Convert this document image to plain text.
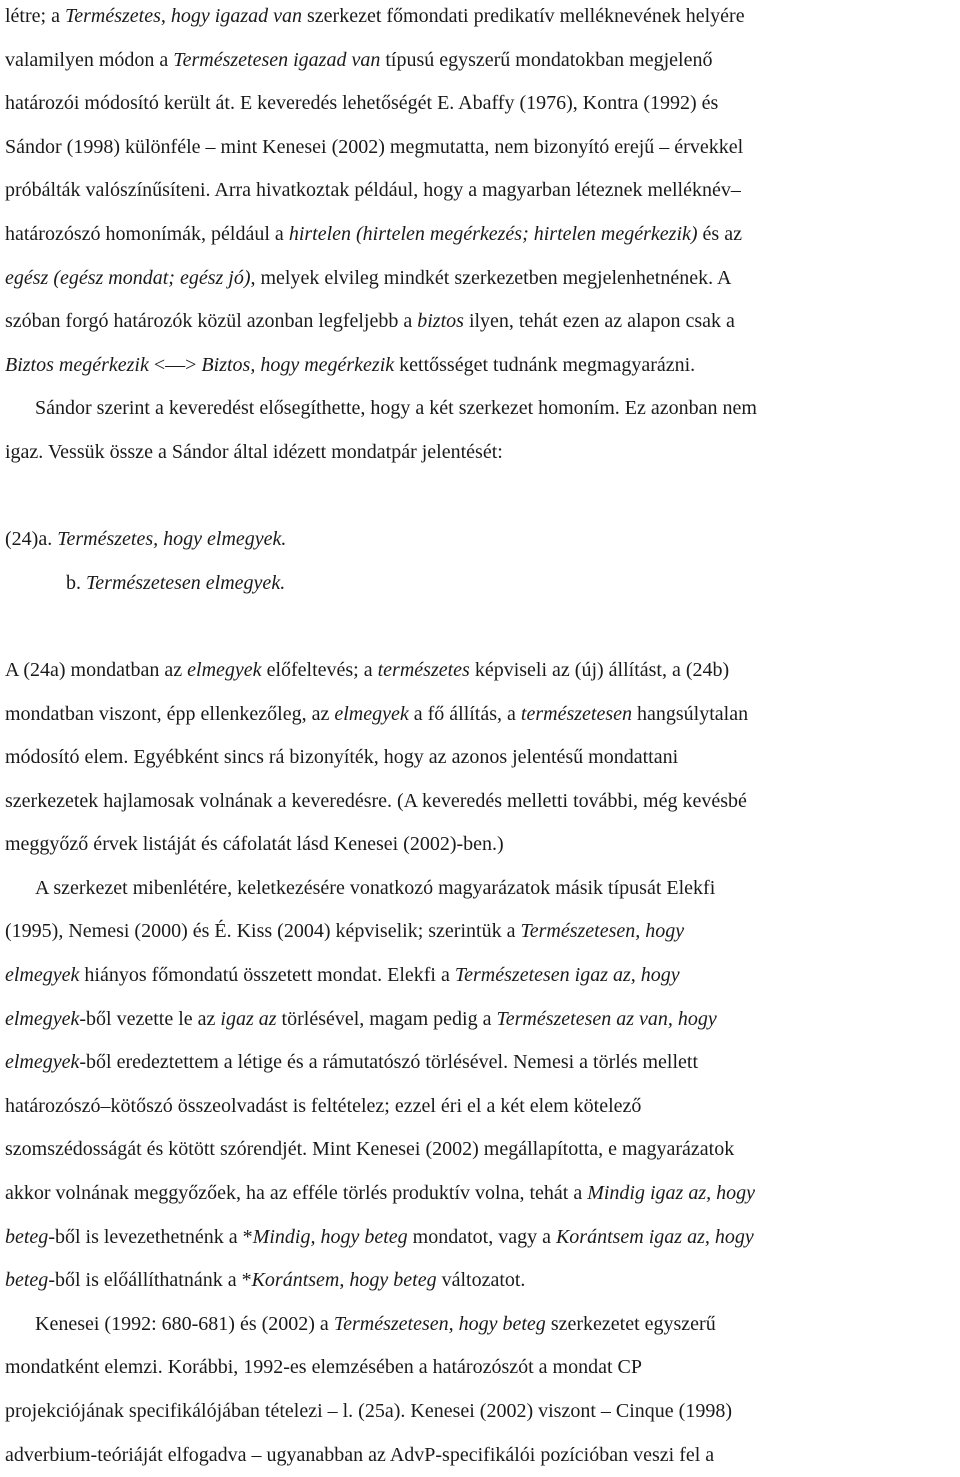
létre; a Természetes, hogy igazad van szerkezet főmondati predikatív melléknevének helyére
valamilyen módon a Természetesen igazad van típusú egyszerű mondatokban megjelenő
határozói módosító került át. E keveredés lehetőségét E. Abaffy (1976), Kontra (1992) és
Sándor (1998) különféle – mint Kenesei (2002) megmutatta, nem bizonyító erejű – érvekkel
próbálták valószínűsíteni. Arra hivatkoztak például, hogy a magyarban léteznek melléknév–
határozószó homonímák, például a hirtelen (hirtelen megérkezés; hirtelen megérkezik) és az
egész (egész mondat; egész jó), melyek elvileg mindkét szerkezetben megjelenhetnének. A
szóban forgó határozók közül azonban legfeljebb a biztos ilyen, tehát ezen az alapon csak a
Biztos megérkezik <—> Biztos, hogy megérkezik kettősséget tudnánk megmagyarázni.
Sándor szerint a keveredést elősegíthette, hogy a két szerkezet homoním. Ez azonban nem
igaz. Vessük össze a Sándor által idézett mondatpár jelentését:
(24)a. Természetes, hogy elmegyek.
b. Természetesen elmegyek.
A (24a) mondatban az elmegyek előfeltevés; a természetes képviseli az (új) állítást, a (24b)
mondatban viszont, épp ellenkezőleg, az elmegyek a fő állítás, a természetesen hangsúlytalan
módosító elem. Egyébként sincs rá bizonyíték, hogy az azonos jelentésű mondattani
szerkezetek hajlamosak volnának a keveredésre. (A keveredés melletti további, még kevésbé
meggyőző érvek listáját és cáfolatát lásd Kenesei (2002)-ben.)
A szerkezet mibenlétére, keletkezésére vonatkozó magyarázatok másik típusát Elekfi
(1995), Nemesi (2000) és É. Kiss (2004) képviselik; szerintük a Természetesen, hogy
elmegyek hiányos főmondatú összetett mondat. Elekfi a Természetesen igaz az, hogy
elmegyek-ből vezette le az igaz az törlésével, magam pedig a Természetesen az van, hogy
elmegyek-ből eredeztettem a létige és a rámutatószó törlésével. Nemesi a törlés mellett
határozószó–kötőszó összeolvadást is feltételez; ezzel éri el a két elem kötelező
szomszédosságát és kötött szórendjét. Mint Kenesei (2002) megállapította, e magyarázatok
akkor volnának meggyőzőek, ha az efféle törlés produktív volna, tehát a Mindig igaz az, hogy
beteg-ből is levezethetnénk a *Mindig, hogy beteg mondatot, vagy a Korántsem igaz az, hogy
beteg-ből is előállíthatnánk a *Korántsem, hogy beteg változatot.
Kenesei (1992: 680-681) és (2002) a Természetesen, hogy beteg szerkezetet egyszerű
mondatként elemzi. Korábbi, 1992-es elemzésében a határozószót a mondat CP
projekciójának specifikálójában tételezi – l. (25a). Kenesei (2002) viszont – Cinque (1998)
adverbium-teóriáját elfogadva – ugyanabban az AdvP-specifikálói pozícióban veszi fel a
